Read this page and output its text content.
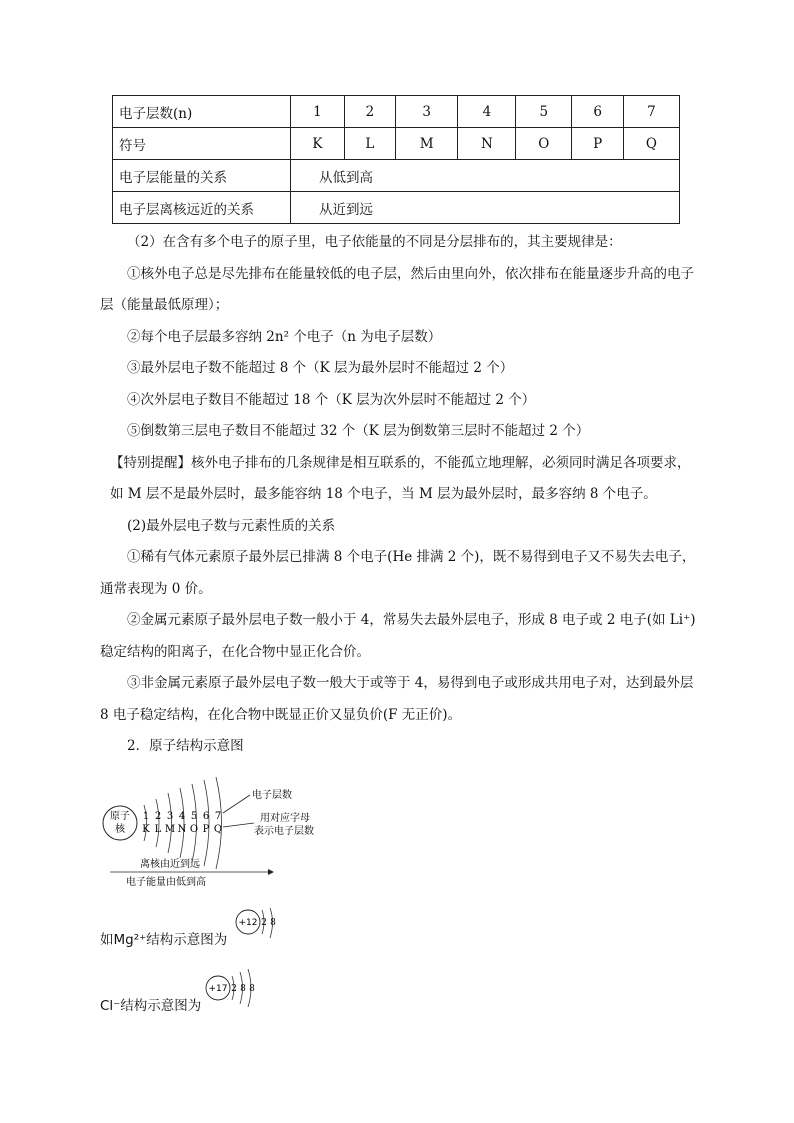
电子层数(n)	1	2	3	4	5	6	7
符号	K	L	M	N	O	P	Q
电子层能量的关系	从低到高						
电子层离核远近的关系	从近到远						

（2）在含有多个电子的原子里，电子依能量的不同是分层排布的，其主要规律是：

①核外电子总是尽先排布在能量较低的电子层，然后由里向外，依次排布在能量逐步升高的电子层（能量最低原理）；

②每个电子层最多容纳 2n² 个电子（n 为电子层数）

③最外层电子数不能超过 8 个（K 层为最外层时不能超过 2 个）

④次外层电子数目不能超过 18 个（K 层为次外层时不能超过 2 个）

⑤倒数第三层电子数目不能超过 32 个（K 层为倒数第三层时不能超过 2 个）

【特别提醒】核外电子排布的几条规律是相互联系的，不能孤立地理解，必须同时满足各项要求，如 M 层不是最外层时，最多能容纳 18 个电子，当 M 层为最外层时，最多容纳 8 个电子。

(2)最外层电子数与元素性质的关系

①稀有气体元素原子最外层已排满 8 个电子(He 排满 2 个)，既不易得到电子又不易失去电子，通常表现为 0 价。

②金属元素原子最外层电子数一般小于 4，常易失去最外层电子，形成 8 电子或 2 电子(如 Li⁺)稳定结构的阳离子，在化合物中显正化合价。

③非金属元素原子最外层电子数一般大于或等于 4，易得到电子或形成共用电子对，达到最外层 8 电子稳定结构，在化合物中既显正价又显负价(F 无正价)。

2．原子结构示意图

原子
核
1 2 3 4 5 6 7
K L M N O P Q
电子层数
用对应字母
表示电子层数
离核由近到远
电子能量由低到高
如Mg²⁺结构示意图为
+12 2 8
Cl⁻结构示意图为
+17 2 8 8
